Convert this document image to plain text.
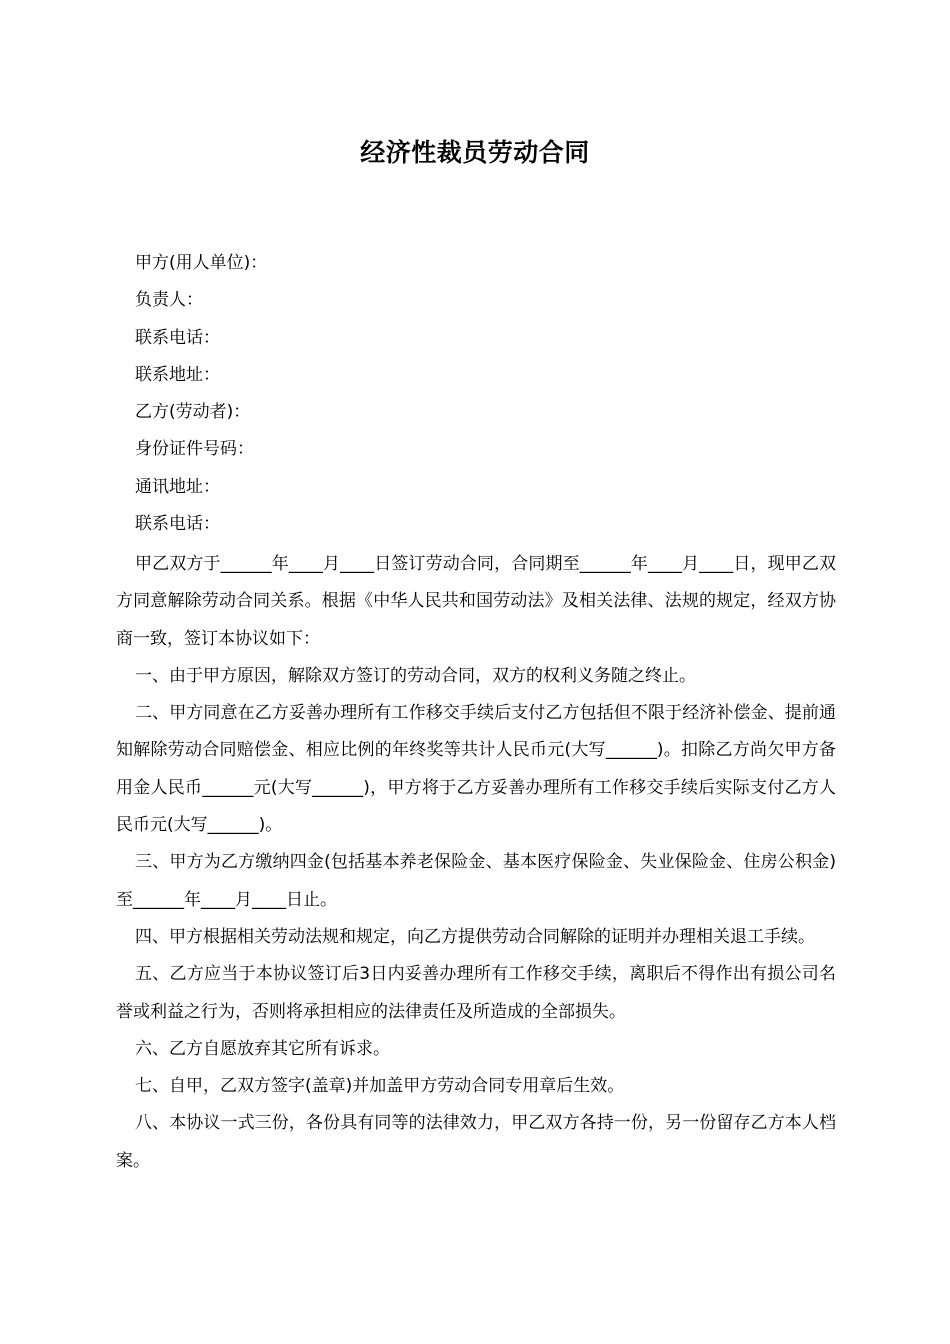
经济性裁员劳动合同
甲方(用人单位)：
负责人：
联系电话：
联系地址：
乙方(劳动者)：
身份证件号码：
通讯地址：
联系电话：

甲乙双方于______年____月____日签订劳动合同，合同期至______年____月____日，现甲乙双方同意解除劳动合同关系。根据《中华人民共和国劳动法》及相关法律、法规的规定，经双方协商一致，签订本协议如下：

一、由于甲方原因，解除双方签订的劳动合同，双方的权利义务随之终止。

二、甲方同意在乙方妥善办理所有工作移交手续后支付乙方包括但不限于经济补偿金、提前通知解除劳动合同赔偿金、相应比例的年终奖等共计人民币元(大写______)。扣除乙方尚欠甲方备用金人民币______元(大写______)，甲方将于乙方妥善办理所有工作移交手续后实际支付乙方人民币元(大写______)。

三、甲方为乙方缴纳四金(包括基本养老保险金、基本医疗保险金、失业保险金、住房公积金)至______年____月____日止。

四、甲方根据相关劳动法规和规定，向乙方提供劳动合同解除的证明并办理相关退工手续。

五、乙方应当于本协议签订后3日内妥善办理所有工作移交手续，离职后不得作出有损公司名誉或利益之行为，否则将承担相应的法律责任及所造成的全部损失。

六、乙方自愿放弃其它所有诉求。

七、自甲，乙双方签字(盖章)并加盖甲方劳动合同专用章后生效。

八、本协议一式三份，各份具有同等的法律效力，甲乙双方各持一份，另一份留存乙方本人档案。
